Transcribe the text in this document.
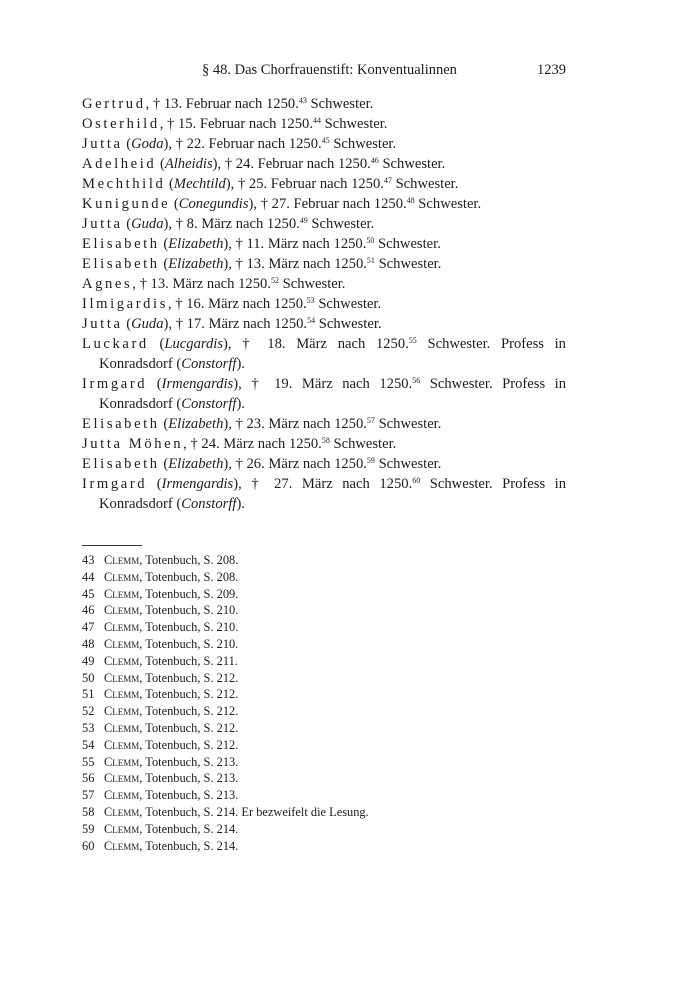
§ 48. Das Chorfrauenstift: Konventualinnen	1239
Gertrud, † 13. Februar nach 1250.43 Schwester.
Osterhild, † 15. Februar nach 1250.44 Schwester.
Jutta (Goda), † 22. Februar nach 1250.45 Schwester.
Adelheid (Alheidis), † 24. Februar nach 1250.46 Schwester.
Mechthild (Mechtild), † 25. Februar nach 1250.47 Schwester.
Kunigunde (Conegundis), † 27. Februar nach 1250.48 Schwester.
Jutta (Guda), † 8. März nach 1250.49 Schwester.
Elisabeth (Elizabeth), † 11. März nach 1250.50 Schwester.
Elisabeth (Elizabeth), † 13. März nach 1250.51 Schwester.
Agnes, † 13. März nach 1250.52 Schwester.
Ilmigardis, † 16. März nach 1250.53 Schwester.
Jutta (Guda), † 17. März nach 1250.54 Schwester.
Luckard (Lucgardis), † 18. März nach 1250.55 Schwester. Profess in Konradsdorf (Constorff).
Irmgard (Irmengardis), † 19. März nach 1250.56 Schwester. Profess in Konradsdorf (Constorff).
Elisabeth (Elizabeth), † 23. März nach 1250.57 Schwester.
Jutta Möhen, † 24. März nach 1250.58 Schwester.
Elisabeth (Elizabeth), † 26. März nach 1250.59 Schwester.
Irmgard (Irmengardis), † 27. März nach 1250.60 Schwester. Profess in Konradsdorf (Constorff).
43 Clemm, Totenbuch, S. 208.
44 Clemm, Totenbuch, S. 208.
45 Clemm, Totenbuch, S. 209.
46 Clemm, Totenbuch, S. 210.
47 Clemm, Totenbuch, S. 210.
48 Clemm, Totenbuch, S. 210.
49 Clemm, Totenbuch, S. 211.
50 Clemm, Totenbuch, S. 212.
51 Clemm, Totenbuch, S. 212.
52 Clemm, Totenbuch, S. 212.
53 Clemm, Totenbuch, S. 212.
54 Clemm, Totenbuch, S. 212.
55 Clemm, Totenbuch, S. 213.
56 Clemm, Totenbuch, S. 213.
57 Clemm, Totenbuch, S. 213.
58 Clemm, Totenbuch, S. 214. Er bezweifelt die Lesung.
59 Clemm, Totenbuch, S. 214.
60 Clemm, Totenbuch, S. 214.
